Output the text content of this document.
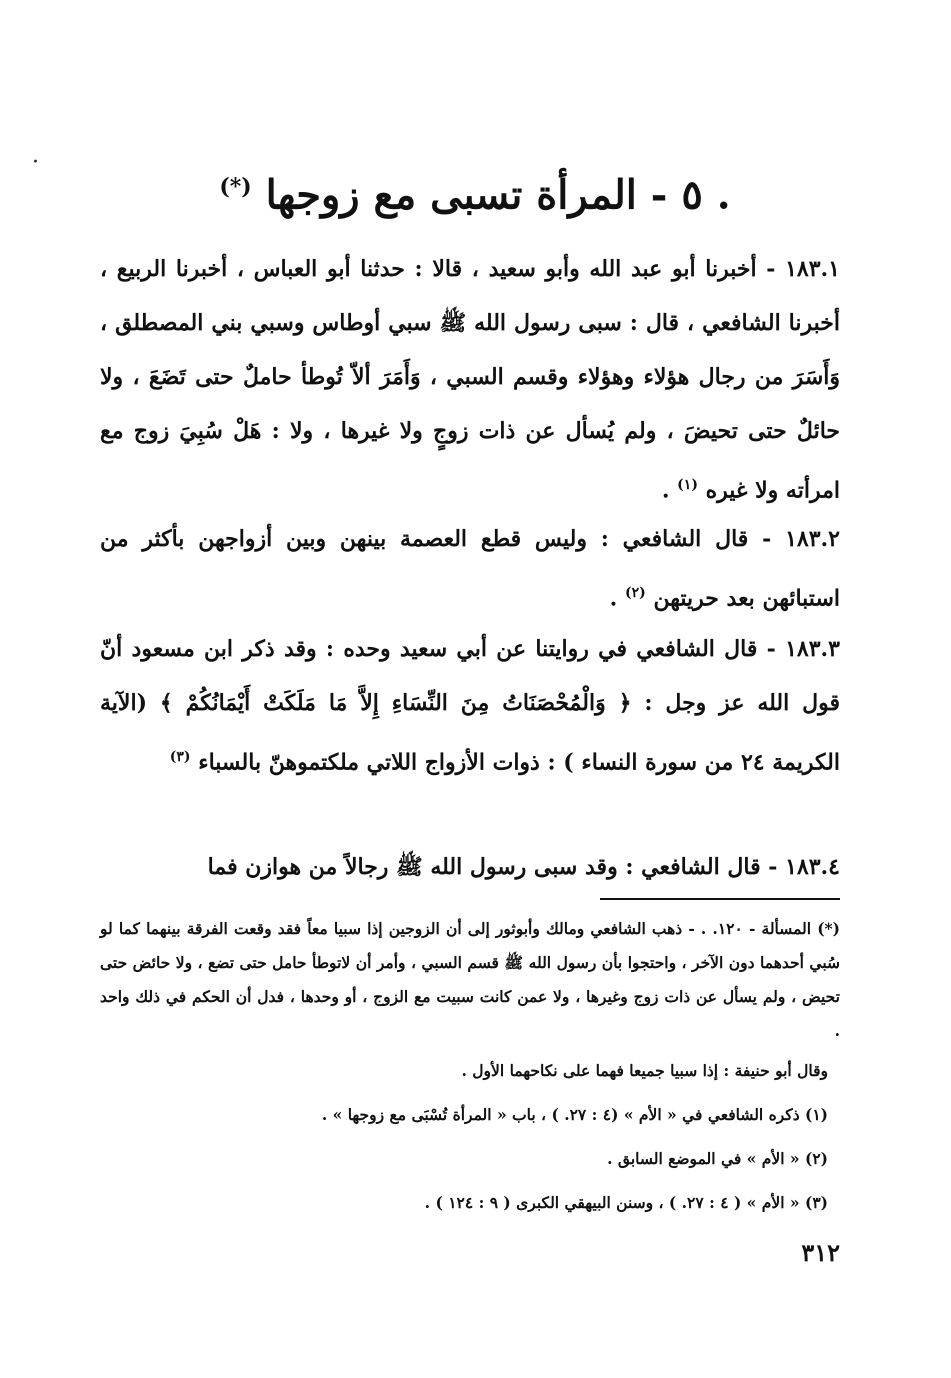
·
. ٥ - المرأة تسبى مع زوجها (*)

١٨٣.١ - أخبرنا أبو عبد الله وأبو سعيد ، قالا : حدثنا أبو العباس ، أخبرنا الربيع ، أخبرنا الشافعي ، قال : سبى رسول الله ﷺ سبي أوطاس وسبي بني المصطلق ، وَأَسَرَ من رجال هؤلاء وهؤلاء وقسم السبي ، وَأَمَرَ ألاّ تُوطأ حاملٌ حتى تَضَعَ ، ولا حائلٌ حتى تحيضَ ، ولم يُسأل عن ذات زوجٍ ولا غيرها ، ولا : هَلْ سُبِيَ زوج مع امرأته ولا غيره $^{(١)}$ .

١٨٣.٢ - قال الشافعي : وليس قطع العصمة بينهن وبين أزواجهن بأكثر من استبائهن بعد حريتهن $^{(٢)}$ .

١٨٣.٣ - قال الشافعي في روايتنا عن أبي سعيد وحده : وقد ذكر ابن مسعود أنّ قول الله عز وجل : ﴿ وَالْمُحْصَنَاتُ مِنَ النِّسَاءِ إِلاَّ مَا مَلَكَتْ أَيْمَانُكُمْ ﴾ (الآية الكريمة ٢٤ من سورة النساء ) : ذوات الأزواج اللاتي ملكتموهنّ بالسباء $^{(٣)}$

١٨٣.٤ - قال الشافعي : وقد سبى رسول الله ﷺ رجالاً من هوازن فما

(*) المسألة - ١٢٠. . - ذهب الشافعي ومالك وأبوثور إلى أن الزوجين إذا سبيا معاً فقد وقعت الفرقة بينهما كما لو سُبي أحدهما دون الآخر ، واحتجوا بأن رسول الله ﷺ قسم السبي ، وأمر أن لاتوطأ حامل حتى تضع ، ولا حائض حتى تحيض ، ولم يسأل عن ذات زوج وغيرها ، ولا عمن كانت سبيت مع الزوج ، أو وحدها ، فدل أن الحكم في ذلك واحد .

وقال أبو حنيفة : إذا سبيا جميعا فهما على نكاحهما الأول .

(١) ذكره الشافعي في « الأم » (٤ : ٢٧. ) ، باب « المرأة تُسْبَى مع زوجها » .

(٢) « الأم » في الموضع السابق .

(٣) « الأم » ( ٤ : ٢٧. ) ، وسنن البيهقي الكبرى ( ٩ : ١٢٤ ) .

٣١٢
